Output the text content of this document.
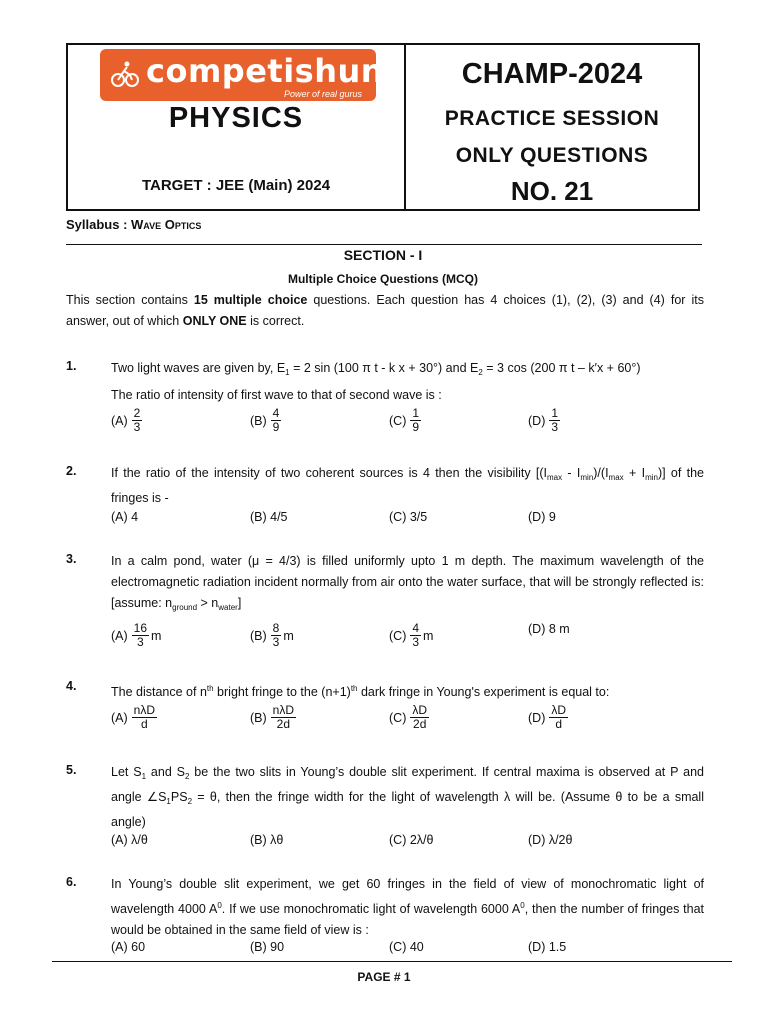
competishun
Power of real gurus
PHYSICS
TARGET : JEE (Main) 2024
CHAMP-2024
PRACTICE SESSION
ONLY QUESTIONS
NO. 21
Syllabus : Wave Optics
SECTION - I
Multiple Choice Questions (MCQ)
This section contains 15 multiple choice questions. Each question has 4 choices (1), (2), (3) and (4) for its answer, out of which ONLY ONE is correct.
1.	Two light waves are given by, $E_1 = 2$ sin (100 π t - k x + 30°) and $E_2 = 3$ cos (200 π t – k′x + 60°)
The ratio of intensity of first wave to that of second wave is :
$(A) \frac{2}{3}$	$(B) \frac{4}{9}$	$(C) \frac{1}{9}$	$(D) \frac{1}{3}$
2.	If the ratio of the intensity of two coherent sources is 4 then the visibility $[(I_{max} - I_{min})/(I_{max} + I_{min})]$ of the fringes is -
(A) 4	(B) 4/5	(C) 3/5	(D) 9
3.	In a calm pond, water (μ = 4/3) is filled uniformly upto 1 m depth. The maximum wavelength of the electromagnetic radiation incident normally from air onto the water surface, that will be strongly reflected is: [assume: $n_{ground} > n_{water}$]
$(A) \frac{16}{3}$ m	$(B) \frac{8}{3}$ m	$(C) \frac{4}{3}$ m	(D) 8 m
4.	The distance of $n^{th}$ bright fringe to the $(n+1)^{th}$ dark fringe in Young's experiment is equal to:
$(A) \frac{\text{nλD}}{d}$	$(B) \frac{\text{nλD}}{2d}$	$(C) \frac{\lambda D}{2d}$	$(D) \frac{\lambda D}{d}$
5.	Let $S_1$ and $S_2$ be the two slits in Young’s double slit experiment. If central maxima is observed at P and angle $\angle S_1PS_2 = \theta$, then the fringe width for the light of wavelength λ will be. (Assume θ to be a small angle)
(A) λ/θ	(B) λθ	(C) 2λ/θ	(D) λ/2θ
6.	In Young’s double slit experiment, we get 60 fringes in the field of view of monochromatic light of wavelength 4000 $A^0$. If we use monochromatic light of wavelength 6000 $A^0$, then the number of fringes that would be obtained in the same field of view is :
(A) 60	(B) 90	(C) 40	(D) 1.5
PAGE # 1
